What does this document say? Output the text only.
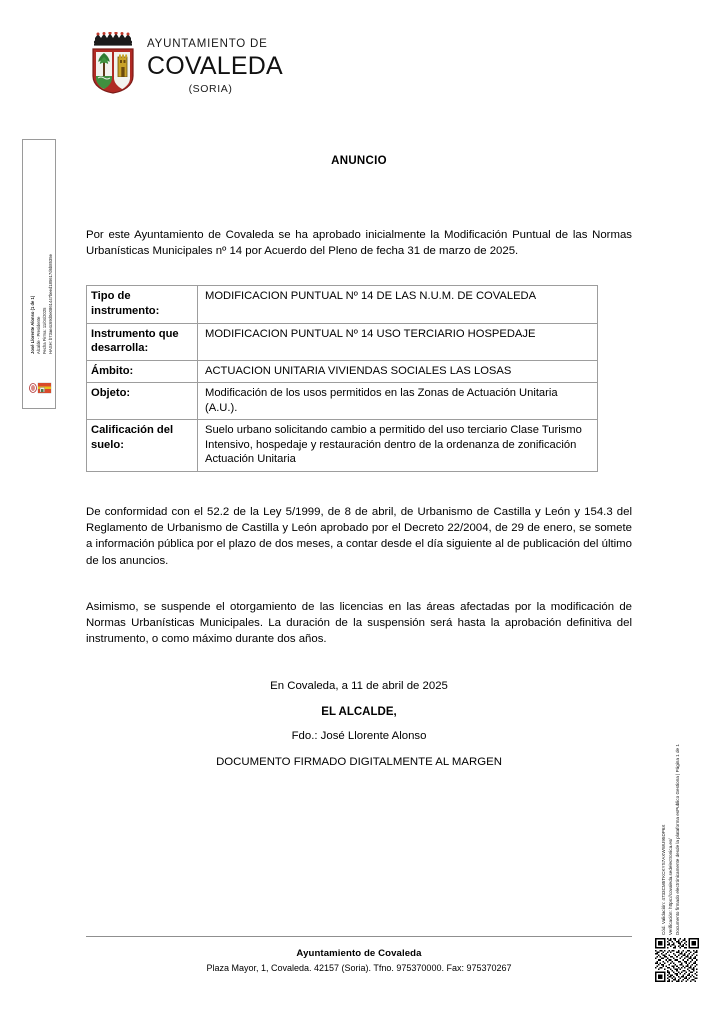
AYUNTAMIENTO DE
COVALEDA
(SORIA)
José Llorente Alonso (1 de 1) Alcalde - Presidente Fecha Firma: 11/04/2025 HASH: b73ae4c69d0e0861447beed185617d6b8535e
Cód. Validación: 4733CM5TKCKYS7AXWWU95DP6X Verificación: https://covaleda.sedelectronica.es/ Documento firmado electrónicamente desde la plataforma esPublico Gestiona | Página 1 de 1
ANUNCIO
Por este Ayuntamiento de Covaleda se ha aprobado inicialmente la Modificación Puntual de las Normas Urbanísticas Municipales nº 14 por Acuerdo del Pleno de fecha 31 de marzo de 2025.
Tipo de instrumento:	MODIFICACION PUNTUAL Nº 14 DE LAS N.U.M. DE COVALEDA
Instrumento que desarrolla:	MODIFICACION PUNTUAL Nº 14 USO TERCIARIO HOSPEDAJE
Ámbito:	ACTUACION UNITARIA VIVIENDAS SOCIALES LAS LOSAS
Objeto:	Modificación de los usos permitidos en las Zonas de Actuación Unitaria (A.U.).
Calificación del suelo:	Suelo urbano solicitando cambio a permitido del uso terciario Clase Turismo Intensivo, hospedaje y restauración dentro de la ordenanza de zonificación Actuación Unitaria
De conformidad con el 52.2 de la Ley 5/1999, de 8 de abril, de Urbanismo de Castilla y León y 154.3 del Reglamento de Urbanismo de Castilla y León aprobado por el Decreto 22/2004, de 29 de enero, se somete a información pública por el plazo de dos meses, a contar desde el día siguiente al de publicación del último de los anuncios.
Asimismo, se suspende el otorgamiento de las licencias en las áreas afectadas por la modificación de Normas Urbanísticas Municipales. La duración de la suspensión será hasta la aprobación definitiva del instrumento, o como máximo durante dos años.
En Covaleda, a 11 de abril de 2025
EL ALCALDE,
Fdo.: José Llorente Alonso
DOCUMENTO FIRMADO DIGITALMENTE AL MARGEN
Ayuntamiento de Covaleda
Plaza Mayor, 1, Covaleda. 42157 (Soria). Tfno. 975370000. Fax: 975370267
